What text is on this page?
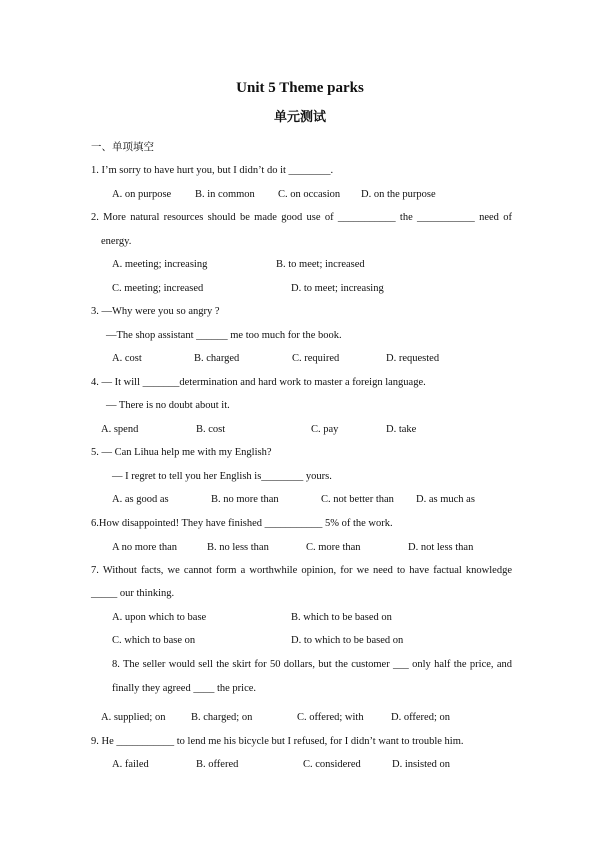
Unit 5 Theme parks
单元测试
一、单项填空
1. I’m sorry to have hurt you, but I didn’t do it ________.
A. on purpose B. in common C. on occasion D. on the purpose
2. More natural resources should be made good use of ___________ the ___________ need of
energy.
A. meeting; increasing	B. to meet; increased
C. meeting; increased	D. to meet; increasing
3. —Why were you so angry ?
—The shop assistant ______ me too much for the book.
A. cost	B. charged	C. required	D. requested
4. — It will _______determination and hard work to master a foreign language.
— There is no doubt about it.
A. spend	B. cost	C. pay	D. take
5. — Can Lihua help me with my English?
— I regret to tell you her English is________ yours.
A. as good as	B. no more than	C. not better than D. as much as
6.How disappointed! They have finished ___________ 5% of the work.
A no more than	B. no less than	C. more than	D. not less than
7. Without facts, we cannot form a worthwhile opinion, for we need to have factual knowledge
_____ our thinking.
A. upon which to base	B. which to be based on
C. which to base on	D. to which to be based on
8. The seller would sell the skirt for 50 dollars, but the customer ___ only half the price, and
finally they agreed ____ the price.
A. supplied; on B. charged; on	C. offered; with	D. offered; on
9. He ___________ to lend me his bicycle but I refused, for I didn’t want to trouble him.
A. failed	B. offered	C. considered	D. insisted on
